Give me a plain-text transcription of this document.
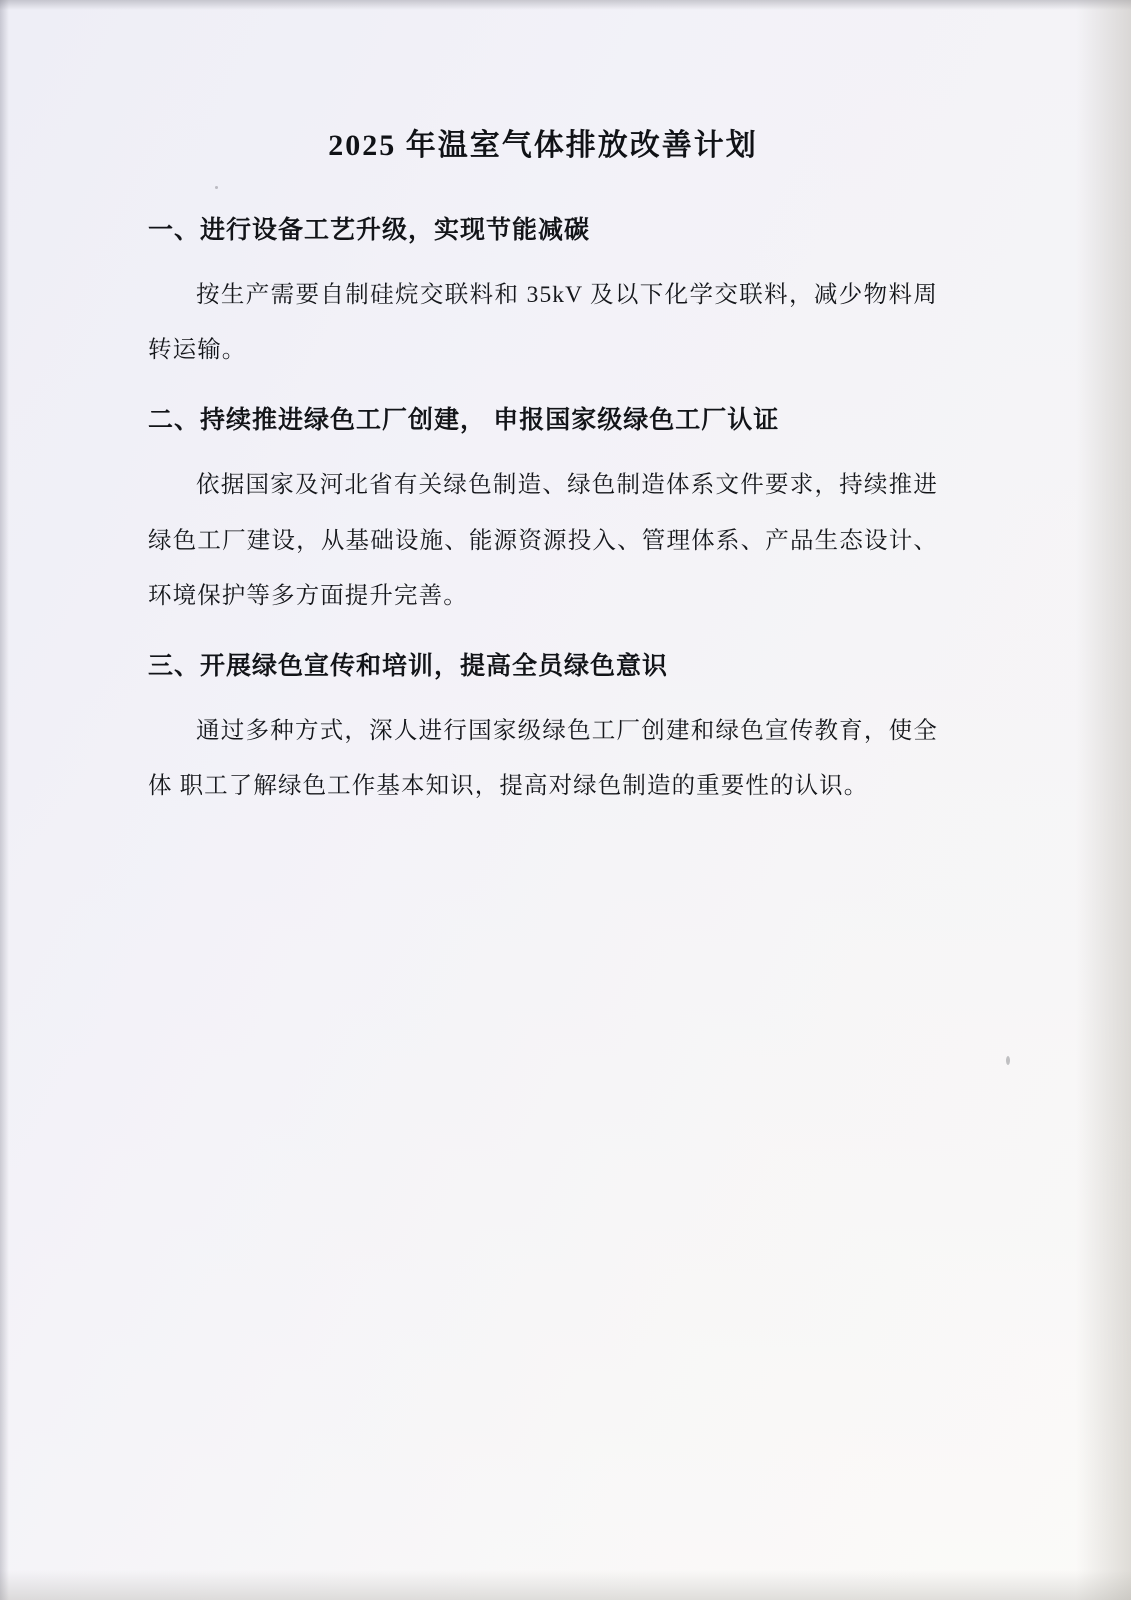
2025 年温室气体排放改善计划
一、进行设备工艺升级，实现节能减碳

按生产需要自制硅烷交联料和 35kV 及以下化学交联料，减少物料周转运输。

二、持续推进绿色工厂创建， 申报国家级绿色工厂认证

依据国家及河北省有关绿色制造、绿色制造体系文件要求，持续推进绿色工厂建设，从基础设施、能源资源投入、管理体系、产品生态设计、环境保护等多方面提升完善。

三、开展绿色宣传和培训，提高全员绿色意识

通过多种方式，深人进行国家级绿色工厂创建和绿色宣传教育，使全体 职工了解绿色工作基本知识，提高对绿色制造的重要性的认识。
